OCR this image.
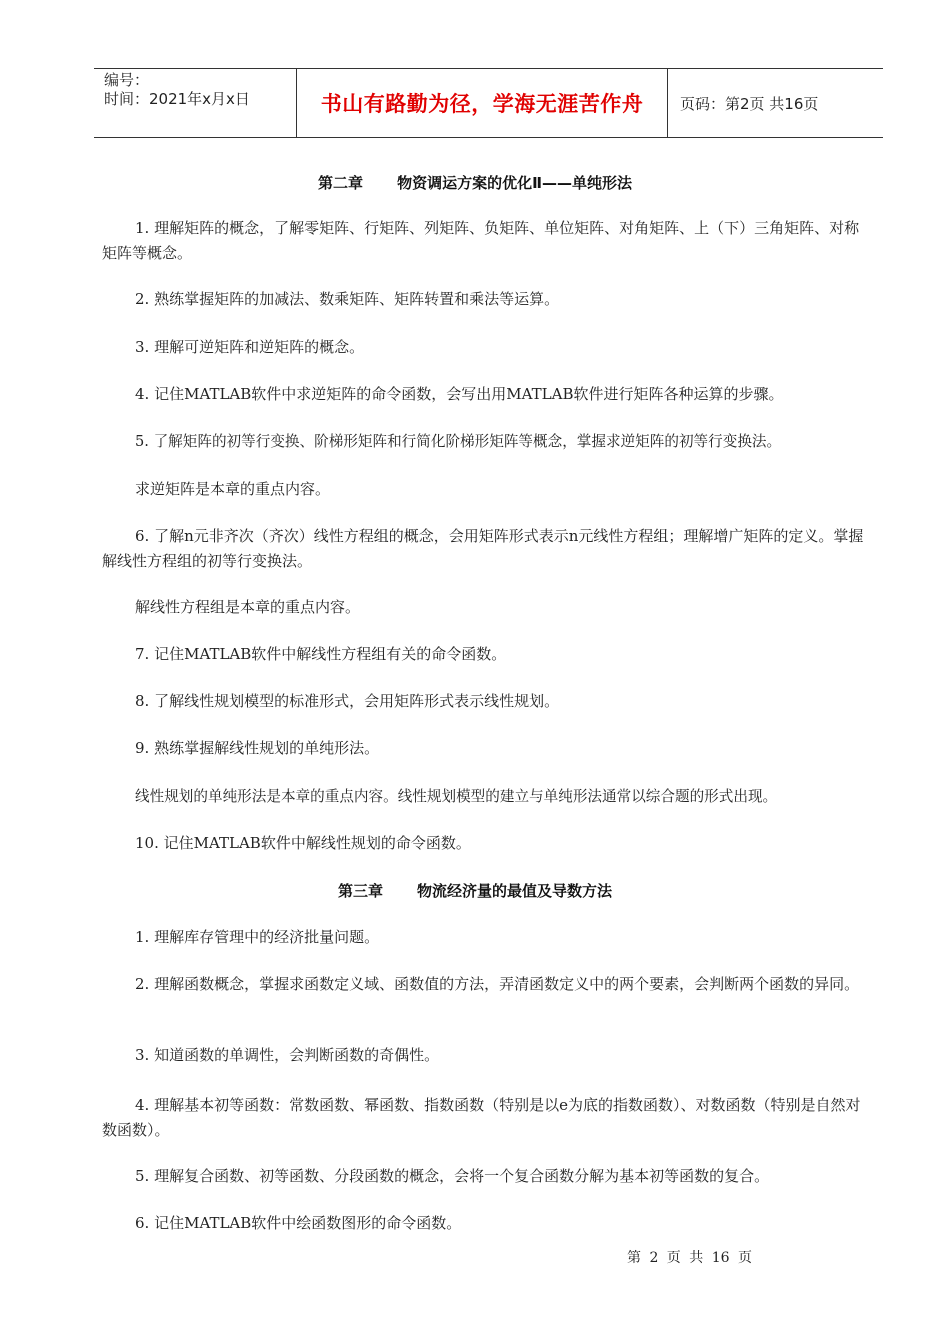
编号：
时间：2021年x月x日	书山有路勤为径，学海无涯苦作舟 页码：第2页 共16页
第二章 物资调运方案的优化Ⅱ——单纯形法
1. 理解矩阵的概念，了解零矩阵、行矩阵、列矩阵、负矩阵、单位矩阵、对角矩阵、上（下）三角矩阵、对称矩阵等概念。
2. 熟练掌握矩阵的加减法、数乘矩阵、矩阵转置和乘法等运算。
3. 理解可逆矩阵和逆矩阵的概念。
4. 记住MATLAB软件中求逆矩阵的命令函数，会写出用MATLAB软件进行矩阵各种运算的步骤。
5. 了解矩阵的初等行变换、阶梯形矩阵和行简化阶梯形矩阵等概念，掌握求逆矩阵的初等行变换法。
求逆矩阵是本章的重点内容。
6. 了解n元非齐次（齐次）线性方程组的概念，会用矩阵形式表示n元线性方程组；理解增广矩阵的定义。掌握解线性方程组的初等行变换法。
解线性方程组是本章的重点内容。
7. 记住MATLAB软件中解线性方程组有关的命令函数。
8. 了解线性规划模型的标准形式，会用矩阵形式表示线性规划。
9. 熟练掌握解线性规划的单纯形法。
线性规划的单纯形法是本章的重点内容。线性规划模型的建立与单纯形法通常以综合题的形式出现。
10. 记住MATLAB软件中解线性规划的命令函数。
第三章 物流经济量的最值及导数方法
1. 理解库存管理中的经济批量问题。
2. 理解函数概念，掌握求函数定义域、函数值的方法，弄清函数定义中的两个要素，会判断两个函数的异同。
3. 知道函数的单调性，会判断函数的奇偶性。
4. 理解基本初等函数：常数函数、幂函数、指数函数（特别是以e为底的指数函数）、对数函数（特别是自然对数函数）。
5. 理解复合函数、初等函数、分段函数的概念，会将一个复合函数分解为基本初等函数的复合。
6. 记住MATLAB软件中绘函数图形的命令函数。
第 2 页 共 16 页
